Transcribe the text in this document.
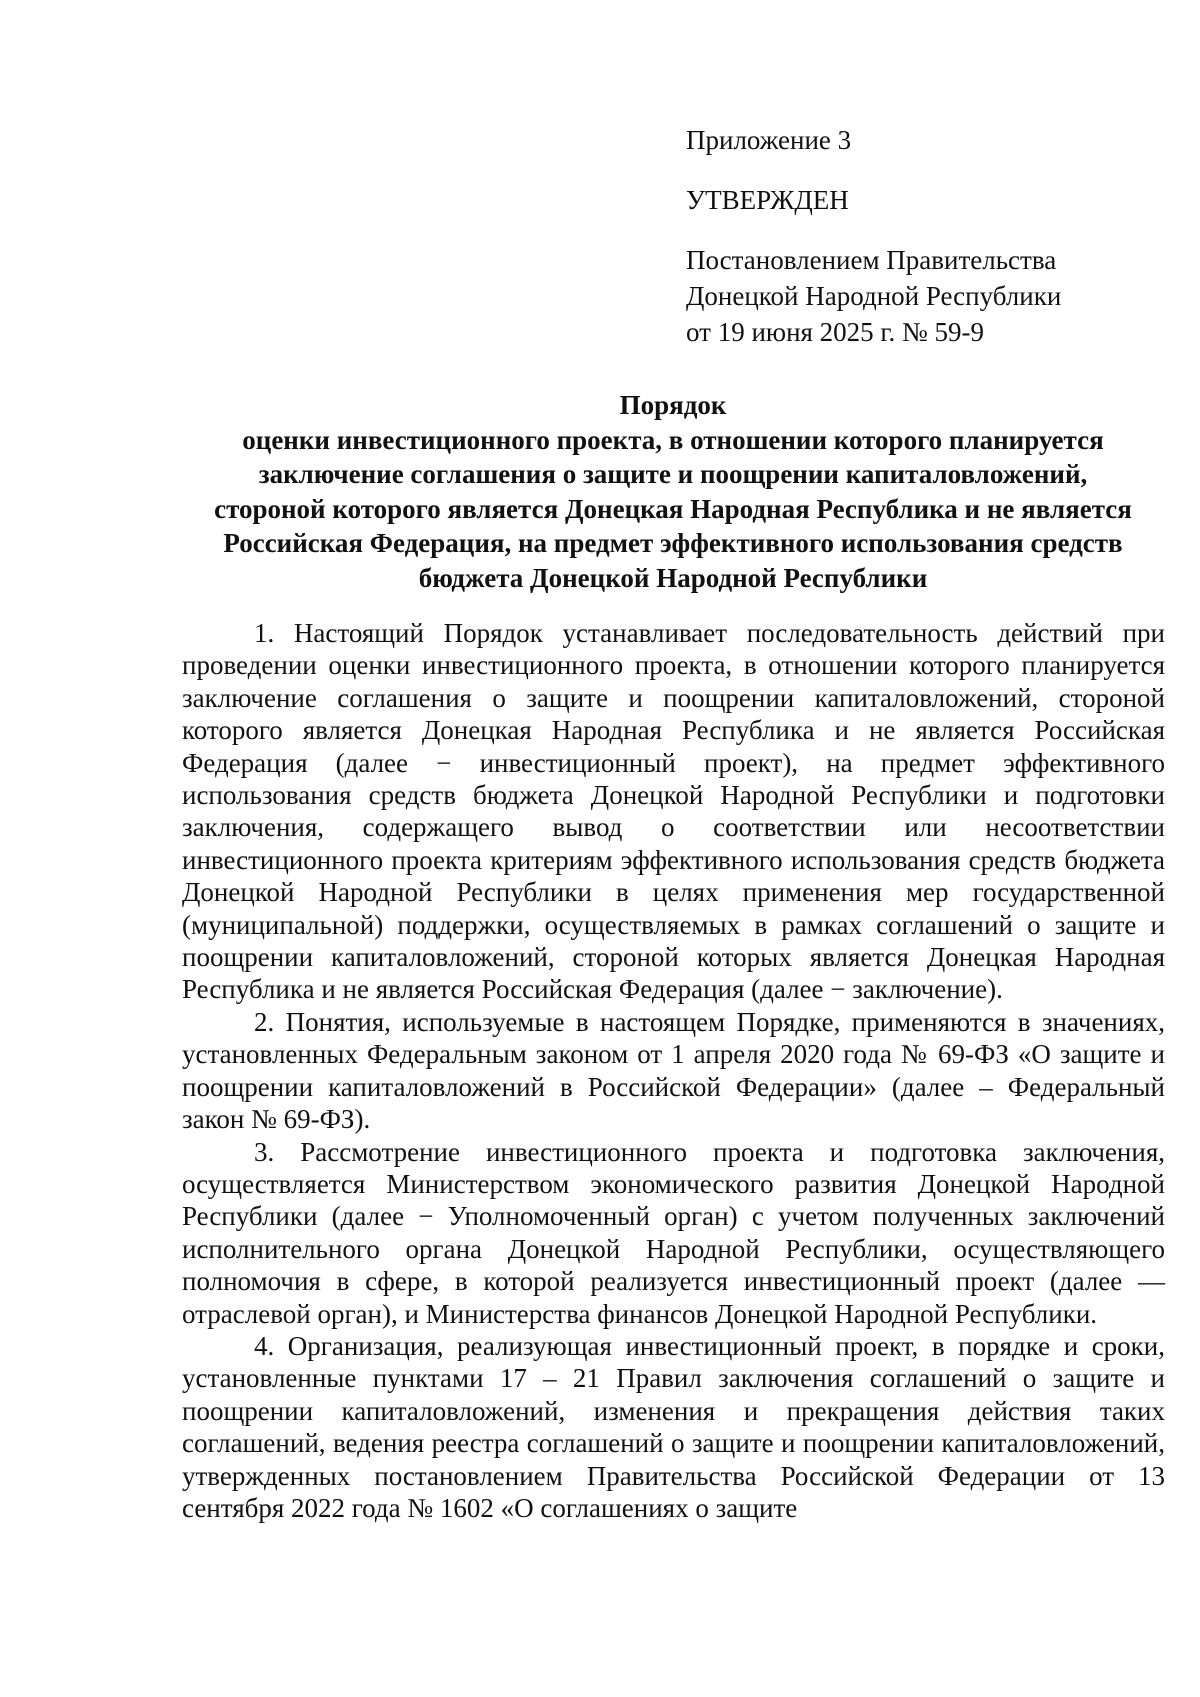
Приложение 3
УТВЕРЖДЕН
Постановлением Правительства
Донецкой Народной Республики
от 19 июня 2025 г. № 59-9
Порядок
оценки инвестиционного проекта, в отношении которого планируется
заключение соглашения о защите и поощрении капиталовложений,
стороной которого является Донецкая Народная Республика и не является
Российская Федерация, на предмет эффективного использования средств
бюджета Донецкой Народной Республики

1. Настоящий Порядок устанавливает последовательность действий при проведении оценки инвестиционного проекта, в отношении которого планируется заключение соглашения о защите и поощрении капиталовложений, стороной которого является Донецкая Народная Республика и не является Российская Федерация (далее − инвестиционный проект), на предмет эффективного использования средств бюджета Донецкой Народной Республики и подготовки заключения, содержащего вывод о соответствии или несоответствии инвестиционного проекта критериям эффективного использования средств бюджета Донецкой Народной Республики в целях применения мер государственной (муниципальной) поддержки, осуществляемых в рамках соглашений о защите и поощрении капиталовложений, стороной которых является Донецкая Народная Республика и не является Российская Федерация (далее − заключение).

2. Понятия, используемые в настоящем Порядке, применяются в значениях, установленных Федеральным законом от 1 апреля 2020 года № 69-ФЗ «О защите и поощрении капиталовложений в Российской Федерации» (далее – Федеральный закон № 69-ФЗ).

3. Рассмотрение инвестиционного проекта и подготовка заключения, осуществляется Министерством экономического развития Донецкой Народной Республики (далее − Уполномоченный орган) с учетом полученных заключений исполнительного органа Донецкой Народной Республики, осуществляющего полномочия в сфере, в которой реализуется инвестиционный проект (далее — отраслевой орган), и Министерства финансов Донецкой Народной Республики.

4. Организация, реализующая инвестиционный проект, в порядке и сроки, установленные пунктами 17 – 21 Правил заключения соглашений о защите и поощрении капиталовложений, изменения и прекращения действия таких соглашений, ведения реестра соглашений о защите и поощрении капиталовложений, утвержденных постановлением Правительства Российской Федерации от 13 сентября 2022 года № 1602 «О соглашениях о защите
